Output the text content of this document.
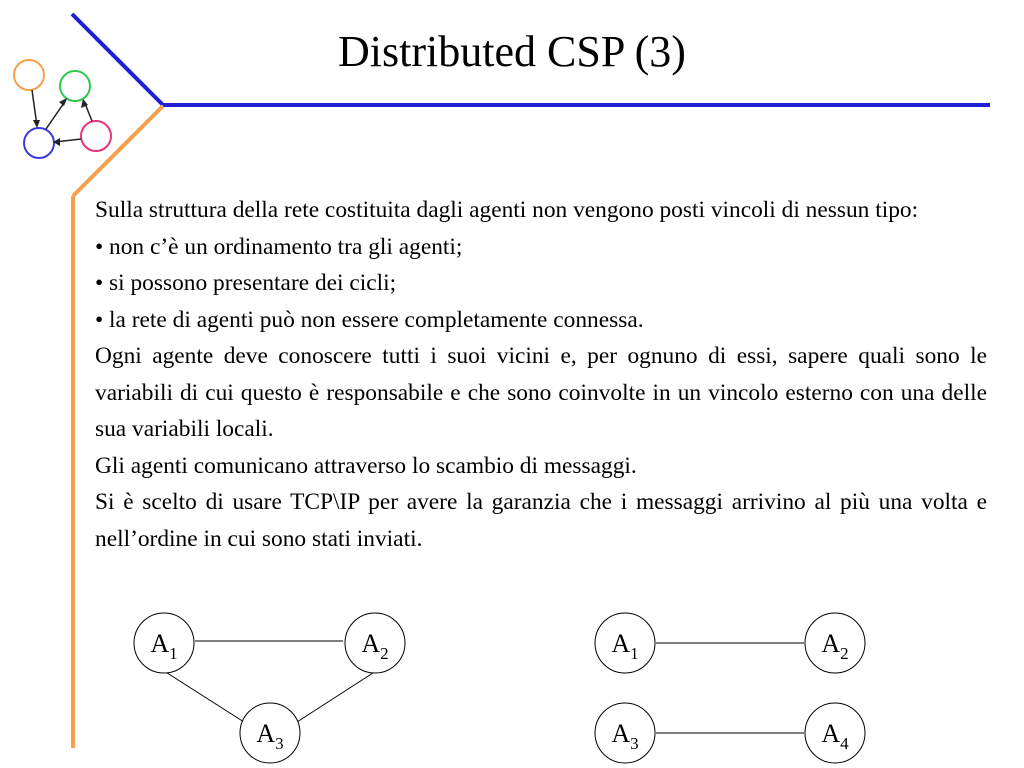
Distributed CSP (3)

Sulla struttura della rete costituita dagli agenti non vengono posti vincoli di nessun tipo:

• non c’è un ordinamento tra gli agenti;

• si possono presentare dei cicli;

• la rete di agenti può non essere completamente connessa.

Ogni agente deve conoscere tutti i suoi vicini e, per ognuno di essi, sapere quali sono le variabili di cui questo è responsabile e che sono coinvolte in un vincolo esterno con una delle sua variabili locali.

Gli agenti comunicano attraverso lo scambio di messaggi.

Si è scelto di usare TCP\IP per avere la garanzia che i messaggi arrivino al più una volta e nell’ordine in cui sono stati inviati.

$A_1$	$A_2$
$A_3$
$A_1$	$A_2$
$A_3$	$A_4$
